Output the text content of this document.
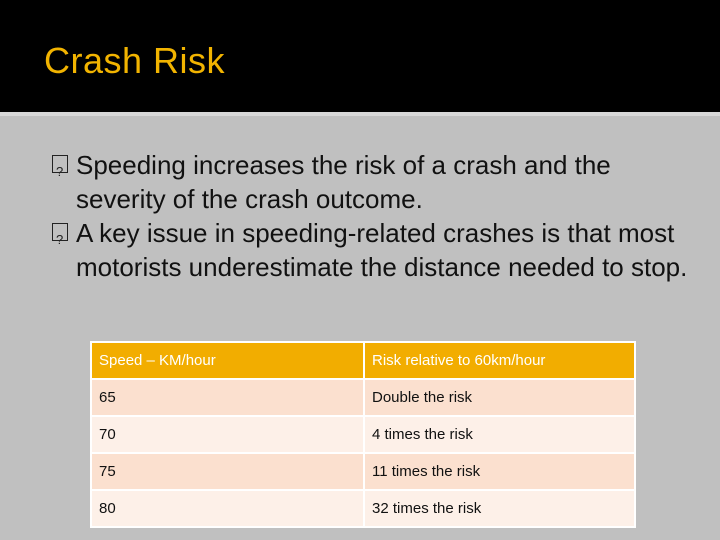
Crash Risk

?
Speeding increases the risk of a crash and the severity of the crash outcome.

?
A key issue in speeding-related crashes is that most motorists underestimate the distance needed to stop.

Speed – KM/hour	Risk relative to 60km/hour
65	Double the risk
70	4 times the risk
75	11 times the risk
80	32 times the risk
